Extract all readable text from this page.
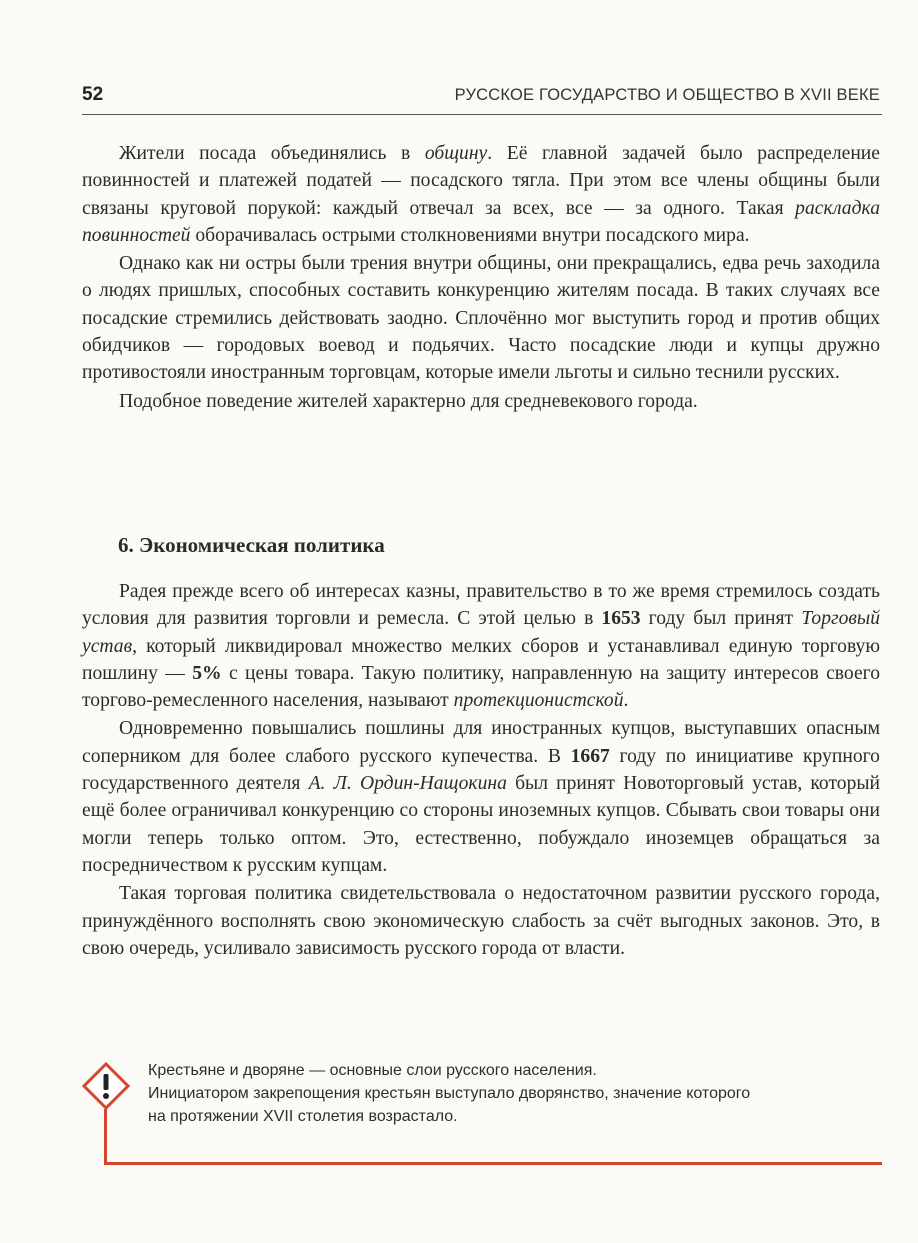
52	РУССКОЕ ГОСУДАРСТВО И ОБЩЕСТВО В XVII ВЕКЕ

Жители посада объединялись в общину. Её главной задачей было распределение повинностей и платежей податей — посадского тягла. При этом все члены общины были связаны круговой порукой: каждый отвечал за всех, все — за одного. Такая раскладка повинностей оборачивалась острыми столкновениями внутри посадского мира.

Однако как ни остры были трения внутри общины, они прекращались, едва речь заходила о людях пришлых, способных составить конкуренцию жителям посада. В таких случаях все посадские стремились действовать заодно. Сплочённо мог выступить город и против общих обидчиков — городовых воевод и подьячих. Часто посадские люди и купцы дружно противостояли иностранным торговцам, которые имели льготы и сильно теснили русских.

Подобное поведение жителей характерно для средневекового города.

6. Экономическая политика

Радея прежде всего об интересах казны, правительство в то же время стремилось создать условия для развития торговли и ремесла. С этой целью в 1653 году был принят Торговый устав, который ликвидировал множество мелких сборов и устанавливал единую торговую пошлину — 5% с цены товара. Такую политику, направленную на защиту интересов своего торгово-ремесленного населения, называют протекционистской.

Одновременно повышались пошлины для иностранных купцов, выступавших опасным соперником для более слабого русского купечества. В 1667 году по инициативе крупного государственного деятеля А. Л. Ордин-Нащокина был принят Новоторговый устав, который ещё более ограничивал конкуренцию со стороны иноземных купцов. Сбывать свои товары они могли теперь только оптом. Это, естественно, побуждало иноземцев обращаться за посредничеством к русским купцам.

Такая торговая политика свидетельствовала о недостаточном развитии русского города, принуждённого восполнять свою экономическую слабость за счёт выгодных законов. Это, в свою очередь, усиливало зависимость русского города от власти.

Крестьяне и дворяне — основные слои русского населения.
Инициатором закрепощения крестьян выступало дворянство, значение которого
на протяжении XVII столетия возрастало.
